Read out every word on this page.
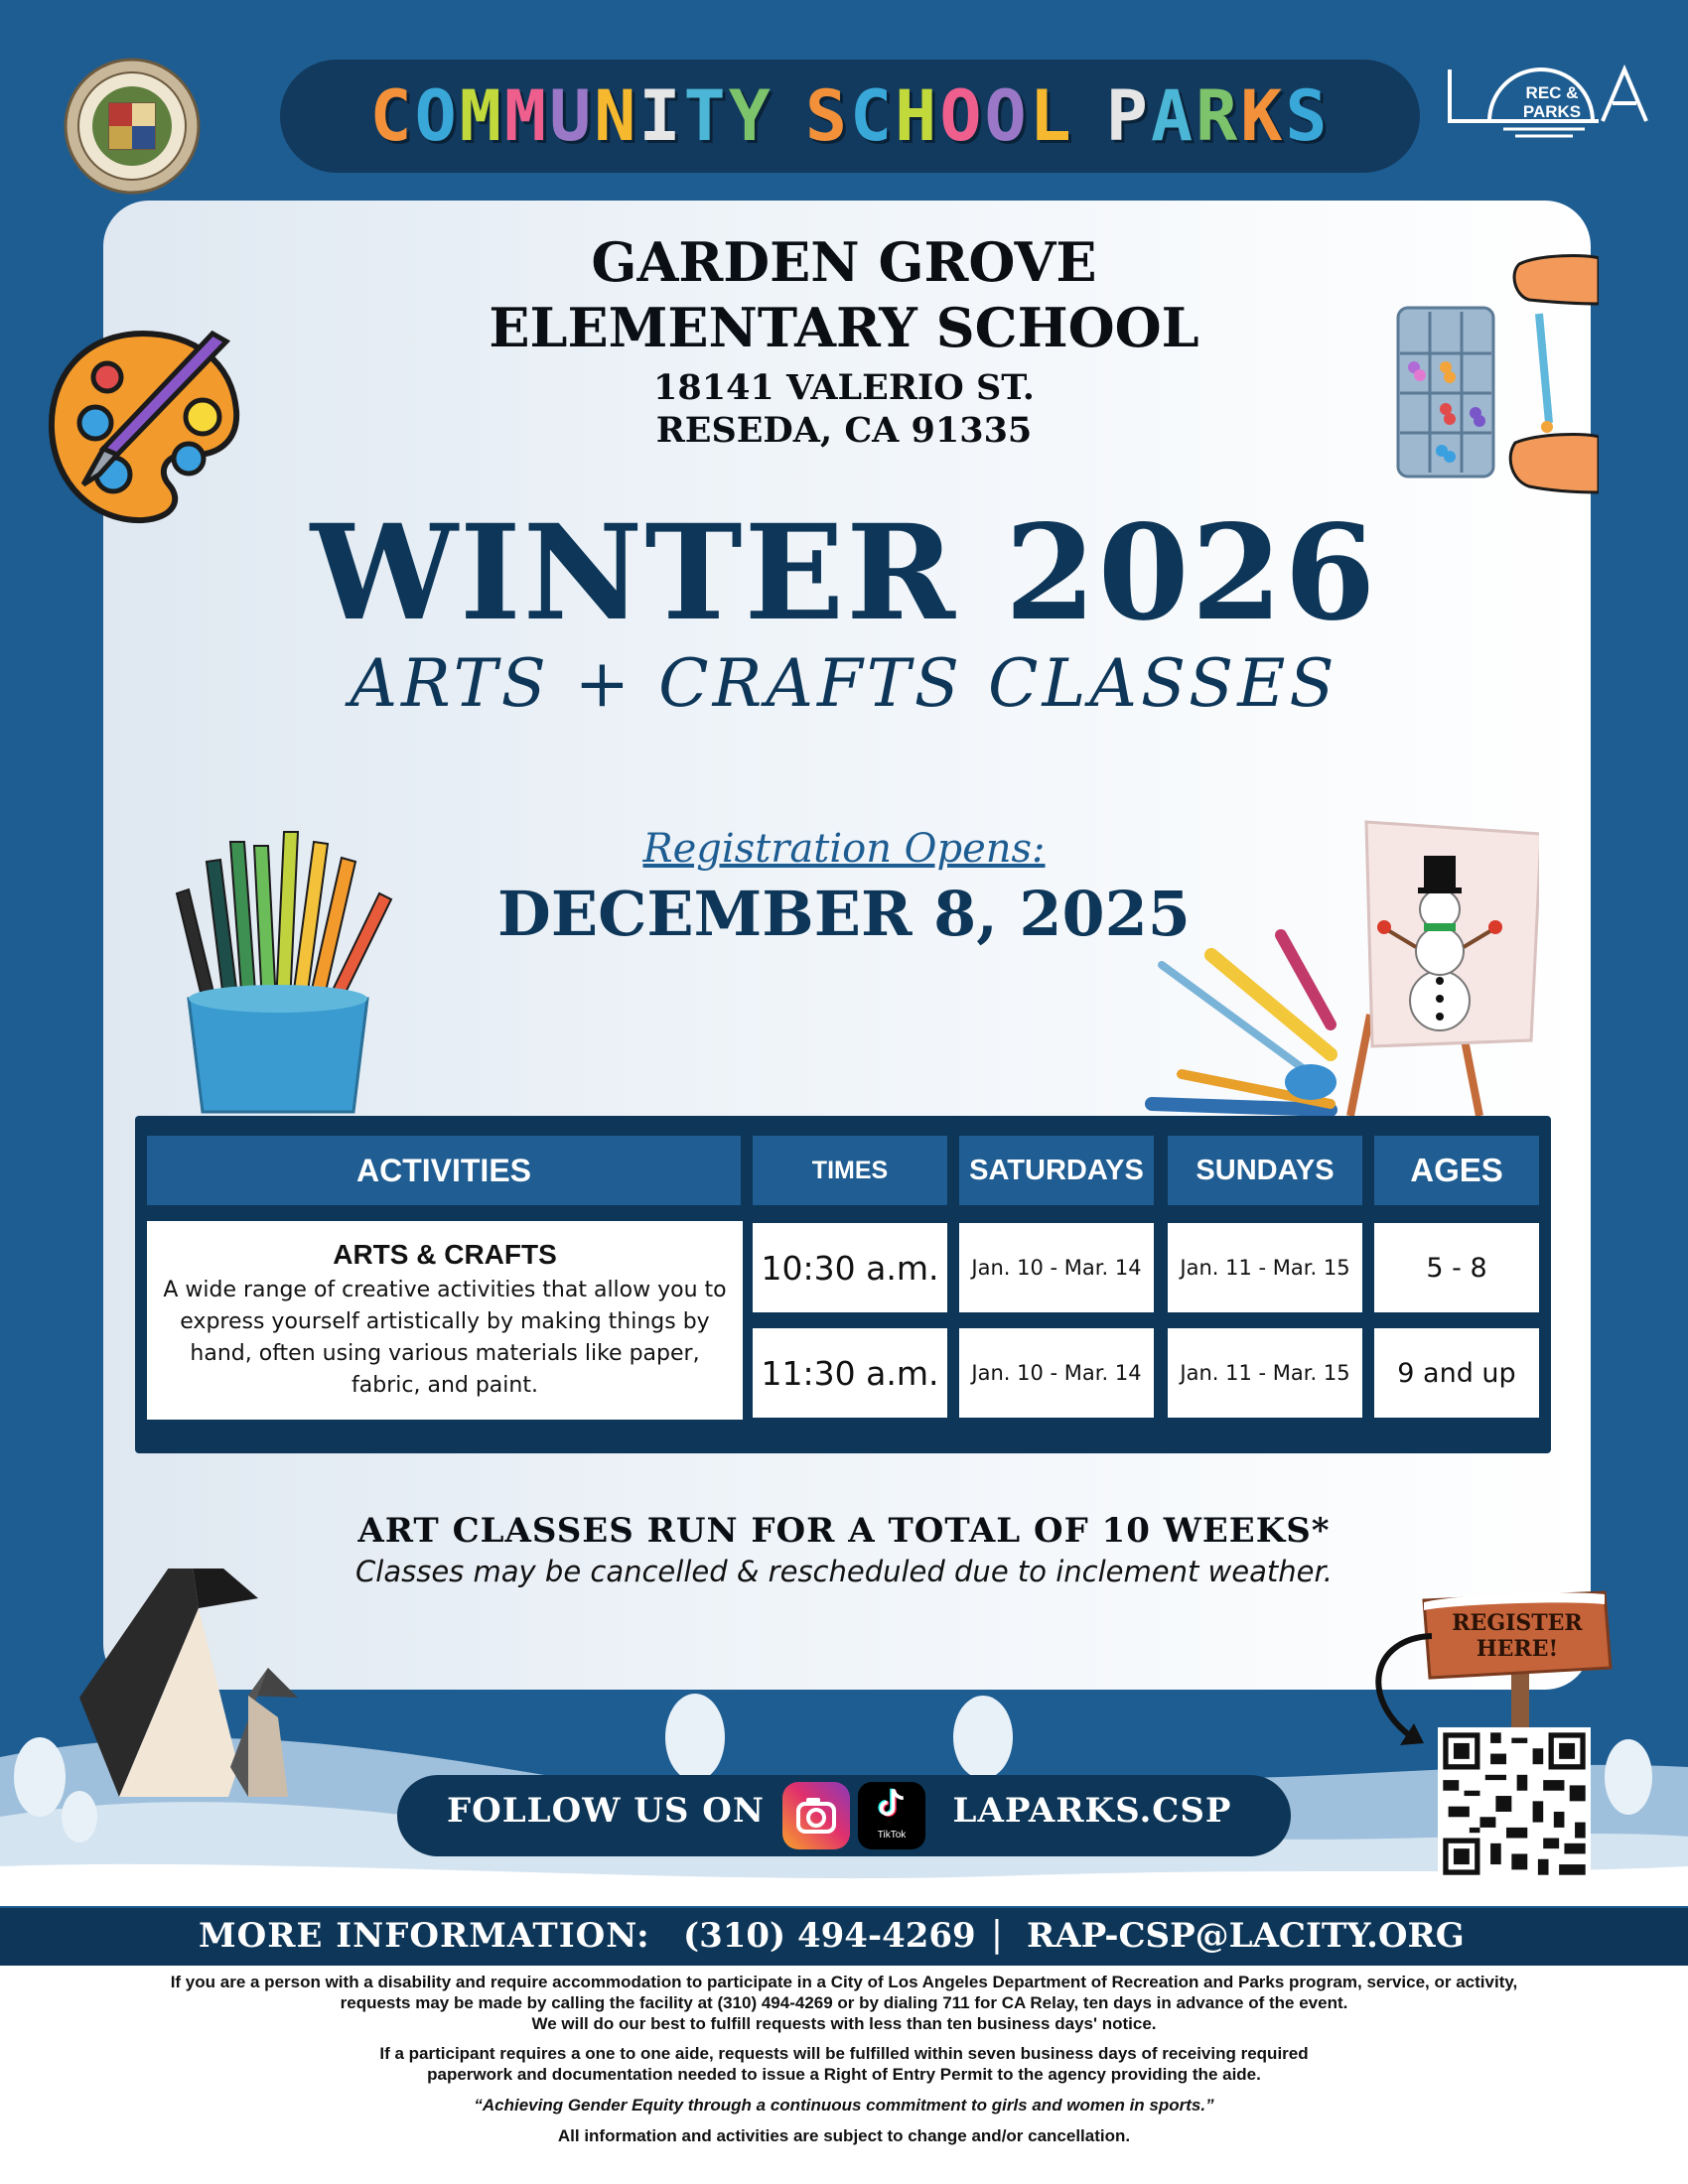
COMMUNITY SCHOOL PARKS	REC &
PARKS
GARDEN GROVE
ELEMENTARY SCHOOL
18141 VALERIO ST.
RESEDA, CA 91335
WINTER 2026
ARTS + CRAFTS CLASSES
Registration Opens:
DECEMBER 8, 2025
ACTIVITIES	TIMES	SATURDAYS	SUNDAYS	AGES
ARTS & CRAFTS
A wide range of creative activities that allow you to express yourself artistically by making things by hand, often using various materials like paper, fabric, and paint.
10:30 a.m.	Jan. 10 - Mar. 14	Jan. 11 - Mar. 15	5 - 8
11:30 a.m.	Jan. 10 - Mar. 14	Jan. 11 - Mar. 15	9 and up
ART CLASSES RUN FOR A TOTAL OF 10 WEEKS*
Classes may be cancelled & rescheduled due to inclement weather.
FOLLOW US ON
TikTok
LAPARKS.CSP
REGISTER
HERE!
MORE INFORMATION: (310) 494-4269 | RAP-CSP@LACITY.ORG
If you are a person with a disability and require accommodation to participate in a City of Los Angeles Department of Recreation and Parks program, service, or activity,
requests may be made by calling the facility at (310) 494-4269 or by dialing 711 for CA Relay, ten days in advance of the event.
We will do our best to fulfill requests with less than ten business days' notice.
If a participant requires a one to one aide, requests will be fulfilled within seven business days of receiving required
paperwork and documentation needed to issue a Right of Entry Permit to the agency providing the aide.
“Achieving Gender Equity through a continuous commitment to girls and women in sports.”
All information and activities are subject to change and/or cancellation.
